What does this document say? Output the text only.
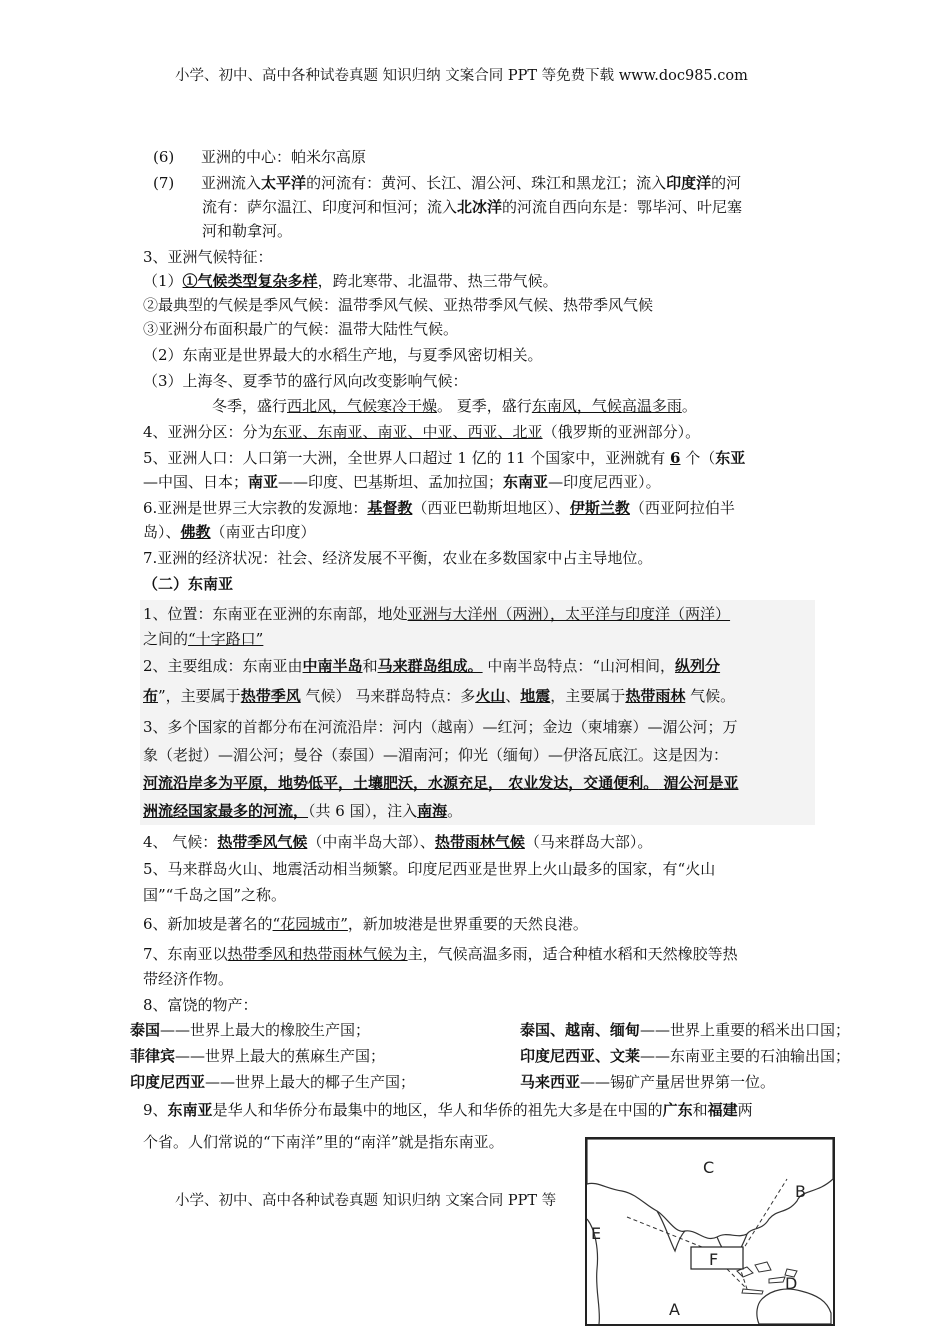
小学、初中、高中各种试卷真题 知识归纳 文案合同 PPT 等免费下载 www.doc985.com
(6) 亚洲的中心：帕米尔高原
(7) 亚洲流入太平洋的河流有：黄河、长江、湄公河、珠江和黑龙江；流入印度洋的河
流有：萨尔温江、印度河和恒河；流入北冰洋的河流自西向东是：鄂毕河、叶尼塞
河和勒拿河。
3、亚洲气候特征：
（1）①气候类型复杂多样，跨北寒带、北温带、热三带气候。
②最典型的气候是季风气候：温带季风气候、亚热带季风气候、热带季风气候
③亚洲分布面积最广的气候：温带大陆性气候。
（2）东南亚是世界最大的水稻生产地，与夏季风密切相关。
（3）上海冬、夏季节的盛行风向改变影响气候：
冬季，盛行西北风，气候寒冷干燥。 夏季，盛行东南风，气候高温多雨。
4、亚洲分区：分为东亚、东南亚、南亚、中亚、西亚、北亚（俄罗斯的亚洲部分）。
5、亚洲人口：人口第一大洲，全世界人口超过 1 亿的 11 个国家中，亚洲就有 6 个（东亚
—中国、日本；南亚——印度、巴基斯坦、孟加拉国；东南亚—印度尼西亚）。
6.亚洲是世界三大宗教的发源地：基督教（西亚巴勒斯坦地区）、伊斯兰教（西亚阿拉伯半
岛）、佛教（南亚古印度）
7.亚洲的经济状况：社会、经济发展不平衡，农业在多数国家中占主导地位。
（二）东南亚
1、位置：东南亚在亚洲的东南部，地处亚洲与大洋州（两洲），太平洋与印度洋（两洋）
之间的“十字路口”
2、主要组成：东南亚由中南半岛和马来群岛组成。 中南半岛特点：“山河相间，纵列分
布”，主要属于热带季风 气候） 马来群岛特点：多火山、地震，主要属于热带雨林 气候。
3、多个国家的首都分布在河流沿岸：河内（越南）—红河；金边（柬埔寨）—湄公河；万
象（老挝）—湄公河；曼谷（泰国）—湄南河；仰光（缅甸）—伊洛瓦底江。这是因为：
河流沿岸多为平原，地势低平，土壤肥沃，水源充足， 农业发达，交通便利。 湄公河是亚
洲流经国家最多的河流，（共 6 国），注入南海。
4、 气候：热带季风气候（中南半岛大部）、热带雨林气候（马来群岛大部）。
5、马来群岛火山、地震活动相当频繁。印度尼西亚是世界上火山最多的国家，有“火山
国”“千岛之国”之称。
6、新加坡是著名的“花园城市”，新加坡港是世界重要的天然良港。
7、东南亚以热带季风和热带雨林气候为主，气候高温多雨，适合种植水稻和天然橡胶等热
带经济作物。
8、富饶的物产：
泰国——世界上最大的橡胶生产国；	泰国、越南、缅甸——世界上重要的稻米出口国；
菲律宾——世界上最大的蕉麻生产国；	印度尼西亚、文莱——东南亚主要的石油输出国；
印度尼西亚——世界上最大的椰子生产国；	马来西亚——锡矿产量居世界第一位。
9、东南亚是华人和华侨分布最集中的地区，华人和华侨的祖先大多是在中国的广东和福建两
个省。人们常说的“下南洋”里的“南洋”就是指东南亚。
小学、初中、高中各种试卷真题 知识归纳 文案合同 PPT 等
C
B
E
F
D
A
